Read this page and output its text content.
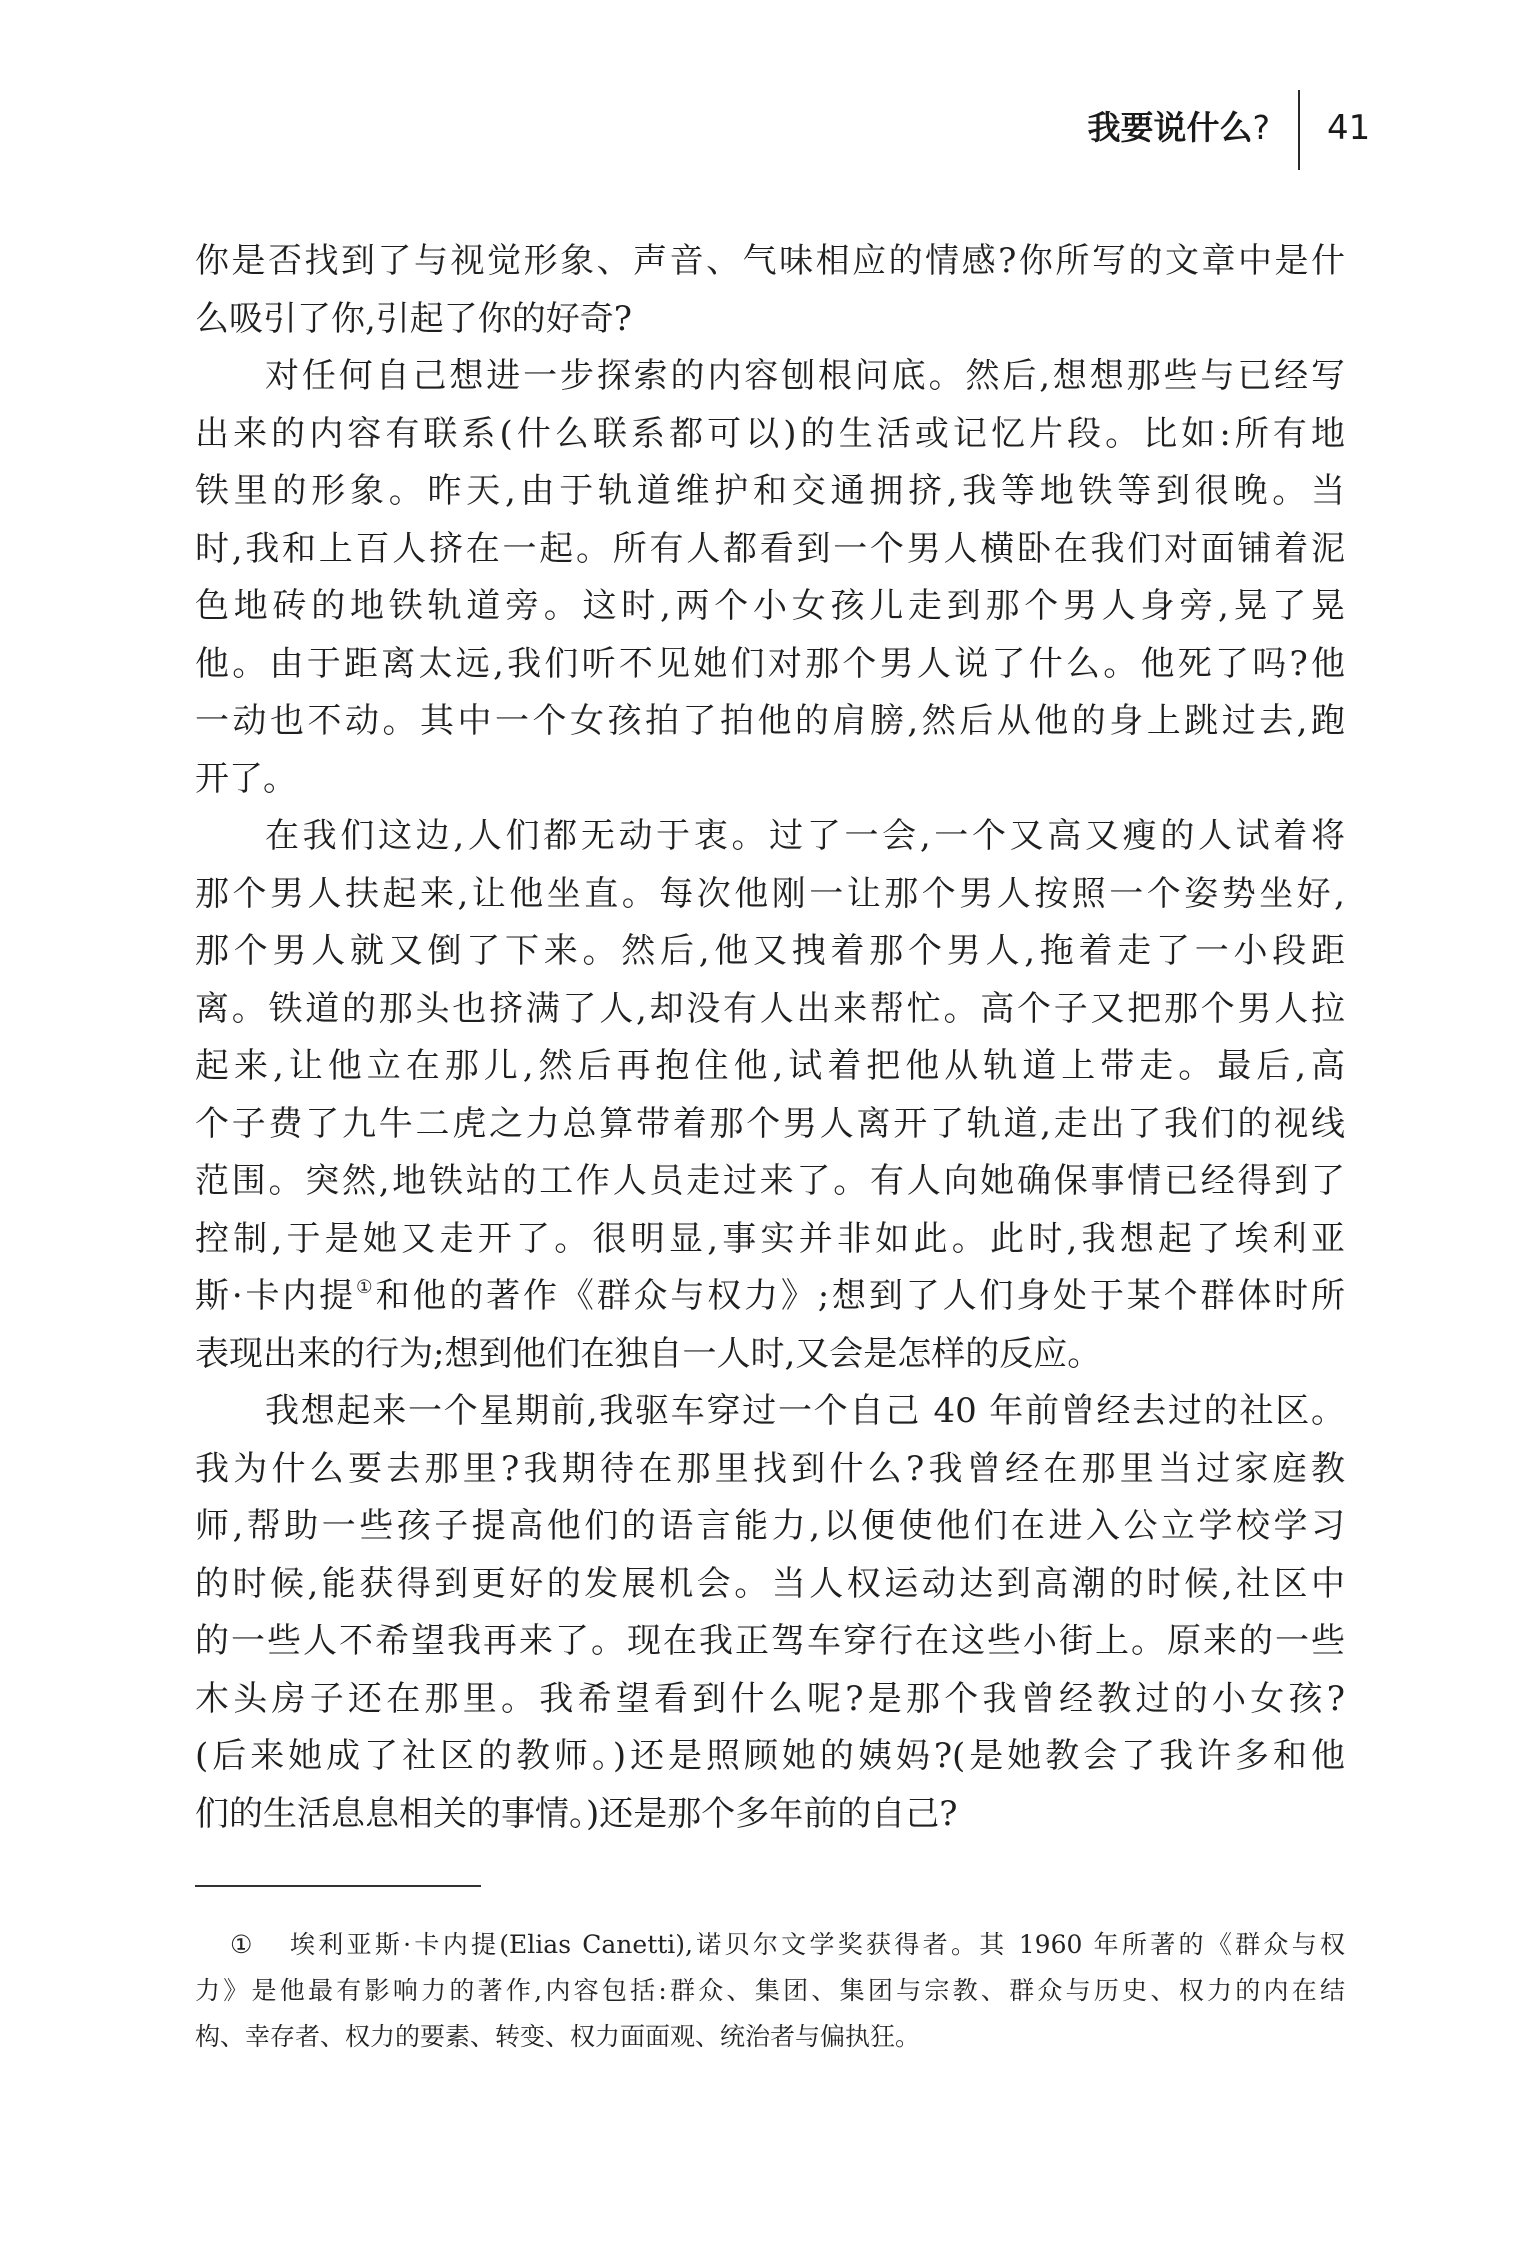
我要说什么? 41
你是否找到了与视觉形象、声音、气味相应的情感?你所写的文章中是什
么吸引了你,引起了你的好奇?
对任何自己想进一步探索的内容刨根问底。然后,想想那些与已经写
出来的内容有联系(什么联系都可以)的生活或记忆片段。比如:所有地
铁里的形象。昨天,由于轨道维护和交通拥挤,我等地铁等到很晚。当
时,我和上百人挤在一起。所有人都看到一个男人横卧在我们对面铺着泥
色地砖的地铁轨道旁。这时,两个小女孩儿走到那个男人身旁,晃了晃
他。由于距离太远,我们听不见她们对那个男人说了什么。他死了吗?他
一动也不动。其中一个女孩拍了拍他的肩膀,然后从他的身上跳过去,跑
开了。
在我们这边,人们都无动于衷。过了一会,一个又高又瘦的人试着将
那个男人扶起来,让他坐直。每次他刚一让那个男人按照一个姿势坐好,
那个男人就又倒了下来。然后,他又拽着那个男人,拖着走了一小段距
离。铁道的那头也挤满了人,却没有人出来帮忙。高个子又把那个男人拉
起来,让他立在那儿,然后再抱住他,试着把他从轨道上带走。最后,高
个子费了九牛二虎之力总算带着那个男人离开了轨道,走出了我们的视线
范围。突然,地铁站的工作人员走过来了。有人向她确保事情已经得到了
控制,于是她又走开了。很明显,事实并非如此。此时,我想起了埃利亚
斯·卡内提①和他的著作《群众与权力》;想到了人们身处于某个群体时所
表现出来的行为;想到他们在独自一人时,又会是怎样的反应。
我想起来一个星期前,我驱车穿过一个自己 40 年前曾经去过的社区。
我为什么要去那里?我期待在那里找到什么?我曾经在那里当过家庭教
师,帮助一些孩子提高他们的语言能力,以便使他们在进入公立学校学习
的时候,能获得到更好的发展机会。当人权运动达到高潮的时候,社区中
的一些人不希望我再来了。现在我正驾车穿行在这些小街上。原来的一些
木头房子还在那里。我希望看到什么呢?是那个我曾经教过的小女孩?
(后来她成了社区的教师。)还是照顾她的姨妈?(是她教会了我许多和他
们的生活息息相关的事情。)还是那个多年前的自己?
①	埃利亚斯·卡内提(Elias Canetti),诺贝尔文学奖获得者。其 1960 年所著的《群众与权
力》是他最有影响力的著作,内容包括:群众、集团、集团与宗教、群众与历史、权力的内在结
构、幸存者、权力的要素、转变、权力面面观、统治者与偏执狂。
